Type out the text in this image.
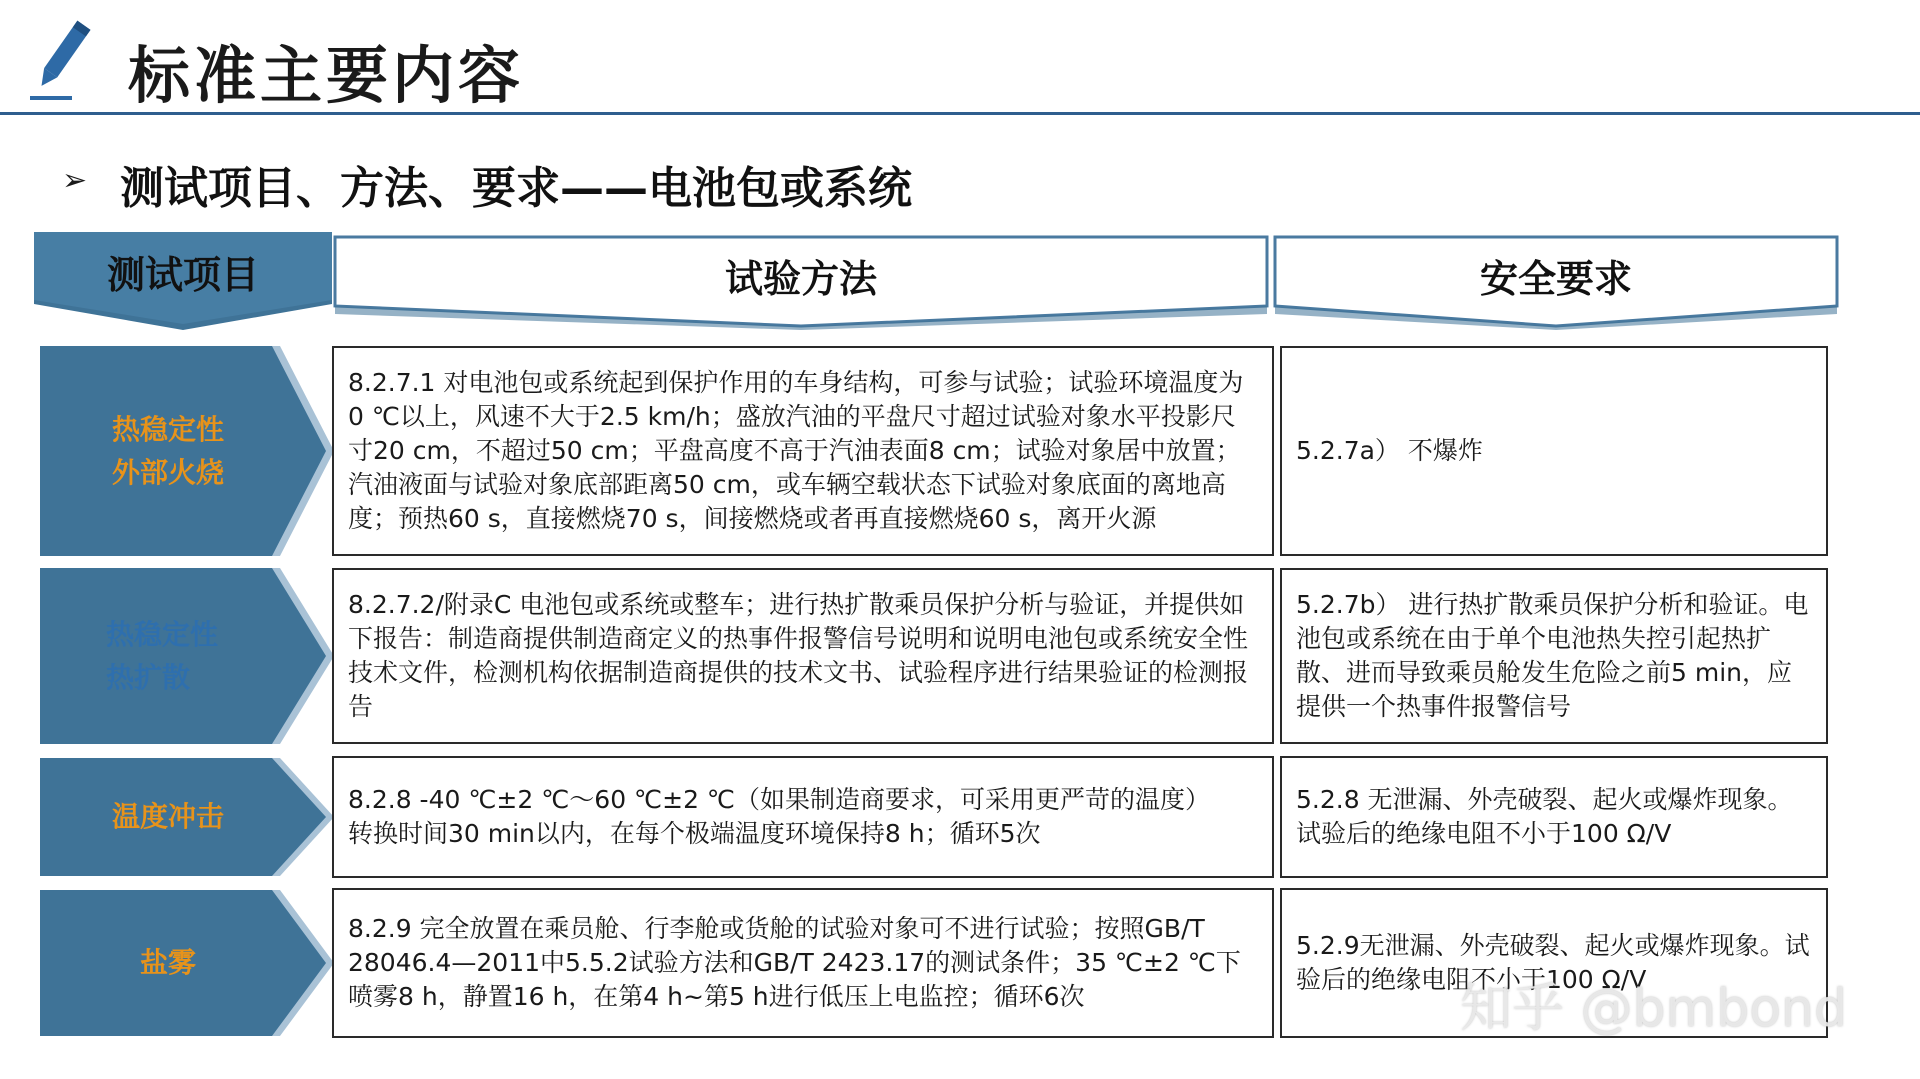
标准主要内容
➢ 测试项目、方法、要求——电池包或系统
测试项目	试验方法	安全要求
热稳定性
外部火烧
8.2.7.1 对电池包或系统起到保护作用的车身结构，可参与试验；试验环境温度为0 ℃以上，风速不大于2.5 km/h；盛放汽油的平盘尺寸超过试验对象水平投影尺寸20 cm，不超过50 cm；平盘高度不高于汽油表面8 cm；试验对象居中放置；汽油液面与试验对象底部距离50 cm，或车辆空载状态下试验对象底面的离地高度；预热60 s，直接燃烧70 s，间接燃烧或者再直接燃烧60 s，离开火源
5.2.7a） 不爆炸
热稳定性
热扩散
8.2.7.2/附录C 电池包或系统或整车；进行热扩散乘员保护分析与验证，并提供如下报告：制造商提供制造商定义的热事件报警信号说明和说明电池包或系统安全性技术文件，检测机构依据制造商提供的技术文书、试验程序进行结果验证的检测报告
5.2.7b） 进行热扩散乘员保护分析和验证。电池包或系统在由于单个电池热失控引起热扩散、进而导致乘员舱发生危险之前5 min，应提供一个热事件报警信号
温度冲击
8.2.8 -40 ℃±2 ℃～60 ℃±2 ℃（如果制造商要求，可采用更严苛的温度）
转换时间30 min以内，在每个极端温度环境保持8 h；循环5次
5.2.8 无泄漏、外壳破裂、起火或爆炸现象。试验后的绝缘电阻不小于100 Ω/V
盐雾
8.2.9 完全放置在乘员舱、行李舱或货舱的试验对象可不进行试验；按照GB/T 28046.4—2011中5.5.2试验方法和GB/T 2423.17的测试条件；35 ℃±2 ℃下喷雾8 h，静置16 h，在第4 h~第5 h进行低压上电监控；循环6次
5.2.9无泄漏、外壳破裂、起火或爆炸现象。试验后的绝缘电阻不小于100 Ω/V
知乎 @bmbond
